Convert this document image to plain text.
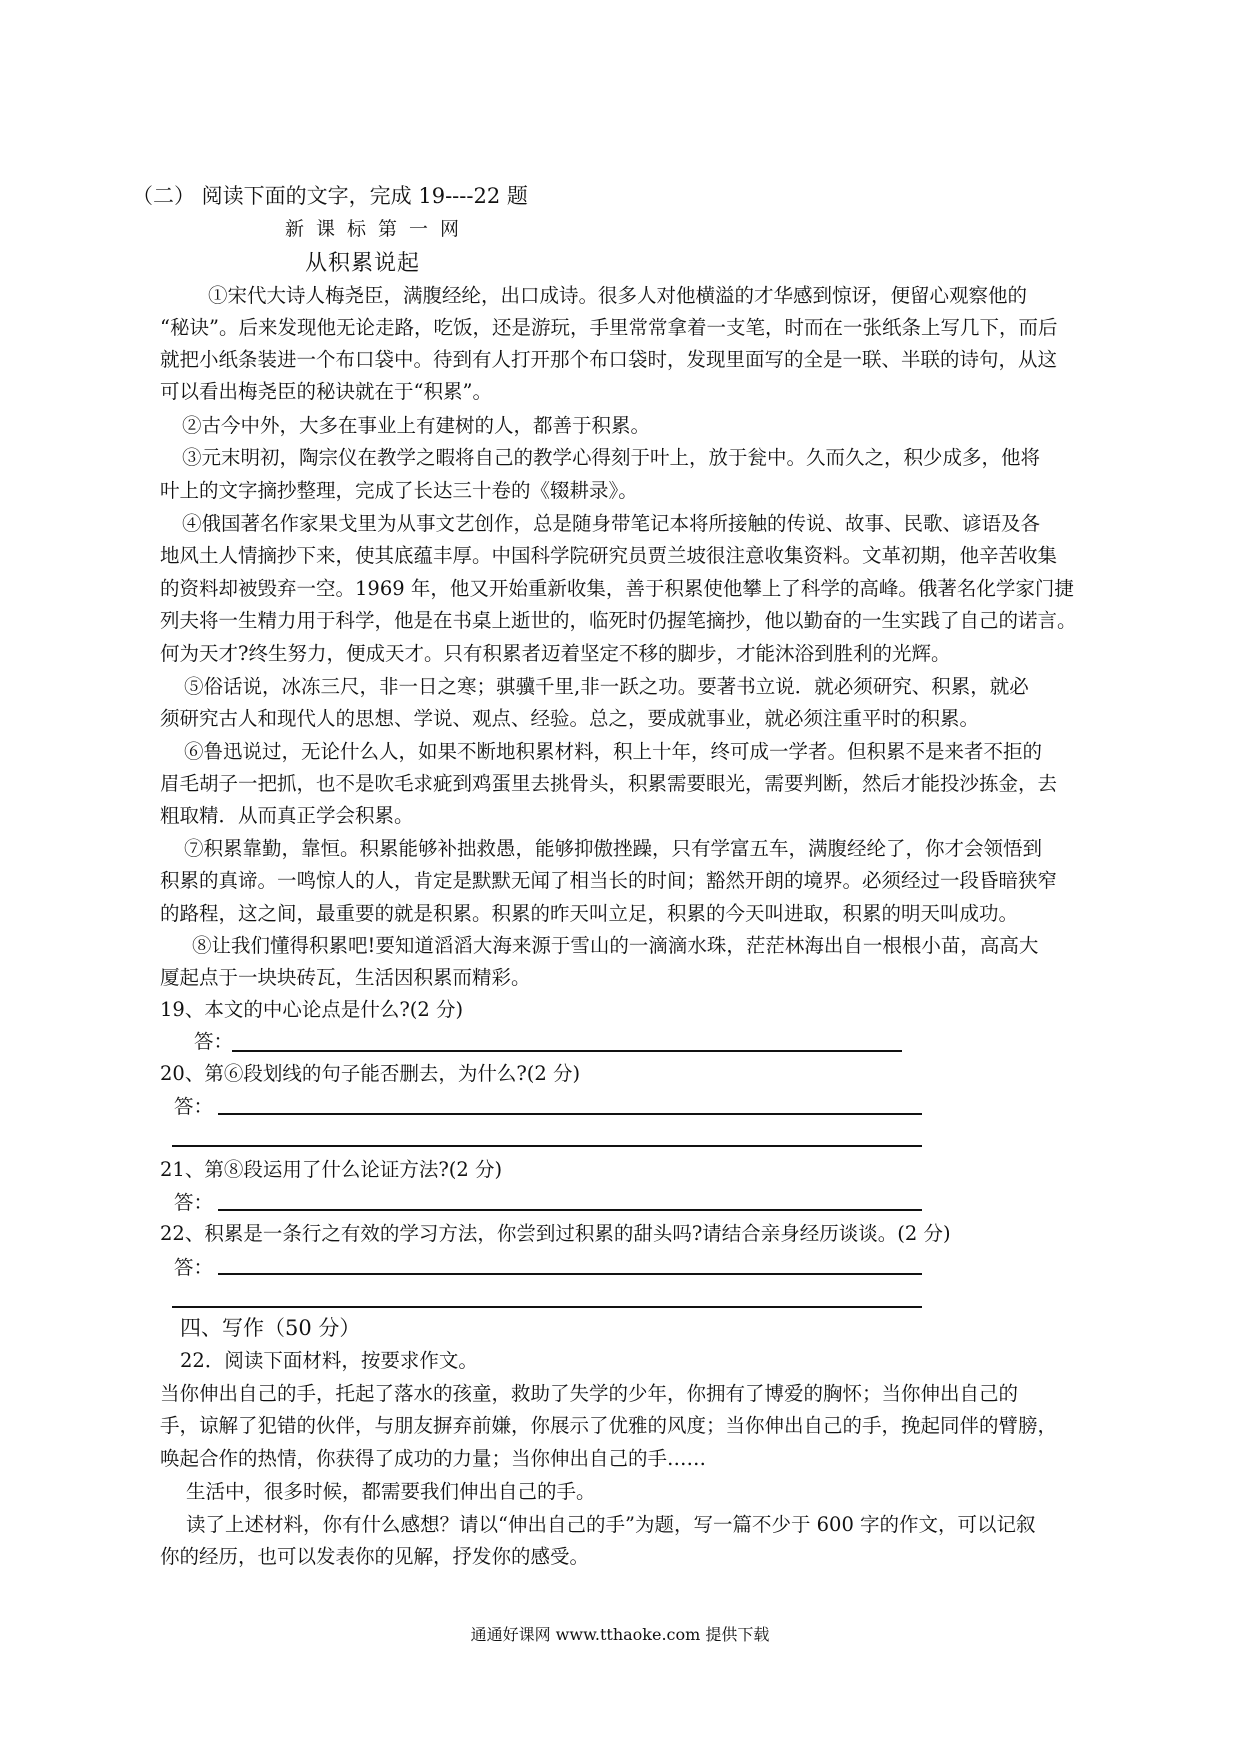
（二） 阅读下面的文字，完成 19----22 题
新课标第一网
从积累说起
①宋代大诗人梅尧臣，满腹经纶，出口成诗。很多人对他横溢的才华感到惊讶，便留心观察他的
“秘诀”。后来发现他无论走路，吃饭，还是游玩，手里常常拿着一支笔，时而在一张纸条上写几下，而后
就把小纸条装进一个布口袋中。待到有人打开那个布口袋时，发现里面写的全是一联、半联的诗句，从这
可以看出梅尧臣的秘诀就在于“积累”。
②古今中外，大多在事业上有建树的人，都善于积累。
③元末明初，陶宗仪在教学之暇将自己的教学心得刻于叶上，放于瓮中。久而久之，积少成多，他将
叶上的文字摘抄整理，完成了长达三十卷的《辍耕录》。
④俄国著名作家果戈里为从事文艺创作，总是随身带笔记本将所接触的传说、故事、民歌、谚语及各
地风土人情摘抄下来，使其底蕴丰厚。中国科学院研究员贾兰坡很注意收集资料。文革初期，他辛苦收集
的资料却被毁弃一空。1969 年，他又开始重新收集，善于积累使他攀上了科学的高峰。俄著名化学家门捷
列夫将一生精力用于科学，他是在书桌上逝世的，临死时仍握笔摘抄，他以勤奋的一生实践了自己的诺言。
何为天才?终生努力，便成天才。只有积累者迈着坚定不移的脚步，才能沐浴到胜利的光辉。
⑤俗话说，冰冻三尺，非一日之寒；骐骥千里,非一跃之功。要著书立说．就必须研究、积累，就必
须研究古人和现代人的思想、学说、观点、经验。总之，要成就事业，就必须注重平时的积累。
⑥鲁迅说过，无论什么人，如果不断地积累材料，积上十年，终可成一学者。但积累不是来者不拒的
眉毛胡子一把抓，也不是吹毛求疵到鸡蛋里去挑骨头，积累需要眼光，需要判断，然后才能投沙拣金，去
粗取精．从而真正学会积累。
⑦积累靠勤，靠恒。积累能够补拙救愚，能够抑傲挫躁，只有学富五车，满腹经纶了，你才会领悟到
积累的真谛。一鸣惊人的人，肯定是默默无闻了相当长的时间；豁然开朗的境界。必须经过一段昏暗狭窄
的路程，这之间，最重要的就是积累。积累的昨天叫立足，积累的今天叫进取，积累的明天叫成功。
⑧让我们懂得积累吧!要知道滔滔大海来源于雪山的一滴滴水珠，茫茫林海出自一根根小苗，高高大
厦起点于一块块砖瓦，生活因积累而精彩。
19、本文的中心论点是什么?(2 分)
答：
20、第⑥段划线的句子能否删去，为什么?(2 分)
答：
21、第⑧段运用了什么论证方法?(2 分)
答：
22、积累是一条行之有效的学习方法，你尝到过积累的甜头吗?请结合亲身经历谈谈。(2 分)
答：
四、写作（50 分）
22．阅读下面材料，按要求作文。
当你伸出自己的手，托起了落水的孩童，救助了失学的少年，你拥有了博爱的胸怀；当你伸出自己的
手，谅解了犯错的伙伴，与朋友摒弃前嫌，你展示了优雅的风度；当你伸出自己的手，挽起同伴的臂膀，
唤起合作的热情，你获得了成功的力量；当你伸出自己的手……
生活中，很多时候，都需要我们伸出自己的手。
读了上述材料，你有什么感想？请以“伸出自己的手”为题，写一篇不少于 600 字的作文，可以记叙
你的经历，也可以发表你的见解，抒发你的感受。
通通好课网 www.tthaoke.com 提供下载
